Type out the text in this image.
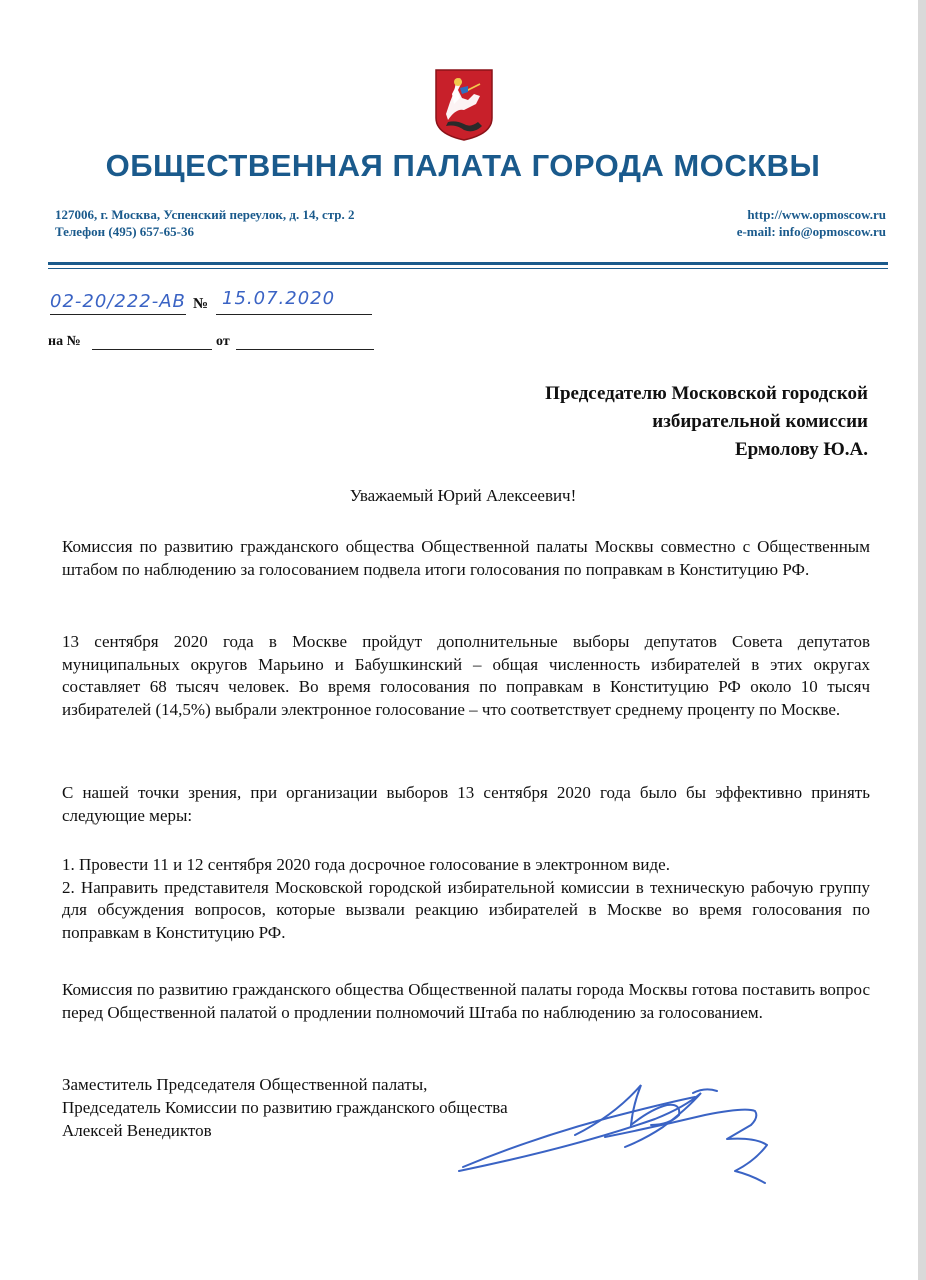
ОБЩЕСТВЕННАЯ ПАЛАТА ГОРОДА МОСКВЫ
127006, г. Москва, Успенский переулок, д. 14, стр. 2
Телефон (495) 657-65-36
http://www.opmoscow.ru
e-mail: info@opmoscow.ru
02-20/222-АВ № 15.07.2020
на №	от
Председателю Московской городской
избирательной комиссии
Ермолову Ю.А.
Уважаемый Юрий Алексеевич!

Комиссия по развитию гражданского общества Общественной палаты Москвы совместно с Общественным штабом по наблюдению за голосованием подвела итоги голосования по поправкам в Конституцию РФ.

13 сентября 2020 года в Москве пройдут дополнительные выборы депутатов Совета депутатов муниципальных округов Марьино и Бабушкинский – общая численность избирателей в этих округах составляет 68 тысяч человек. Во время голосования по поправкам в Конституцию РФ около 10 тысяч избирателей (14,5%) выбрали электронное голосование – что соответствует среднему проценту по Москве.

С нашей точки зрения, при организации выборов 13 сентября 2020 года было бы эффективно принять следующие меры:

1. Провести 11 и 12 сентября 2020 года досрочное голосование в электронном виде.

2. Направить представителя Московской городской избирательной комиссии в техническую рабочую группу для обсуждения вопросов, которые вызвали реакцию избирателей в Москве во время голосования по поправкам в Конституцию РФ.

Комиссия по развитию гражданского общества Общественной палаты города Москвы готова поставить вопрос перед Общественной палатой о продлении полномочий Штаба по наблюдению за голосованием.

Заместитель Председателя Общественной палаты,
Председатель Комиссии по развитию гражданского общества
Алексей Венедиктов
